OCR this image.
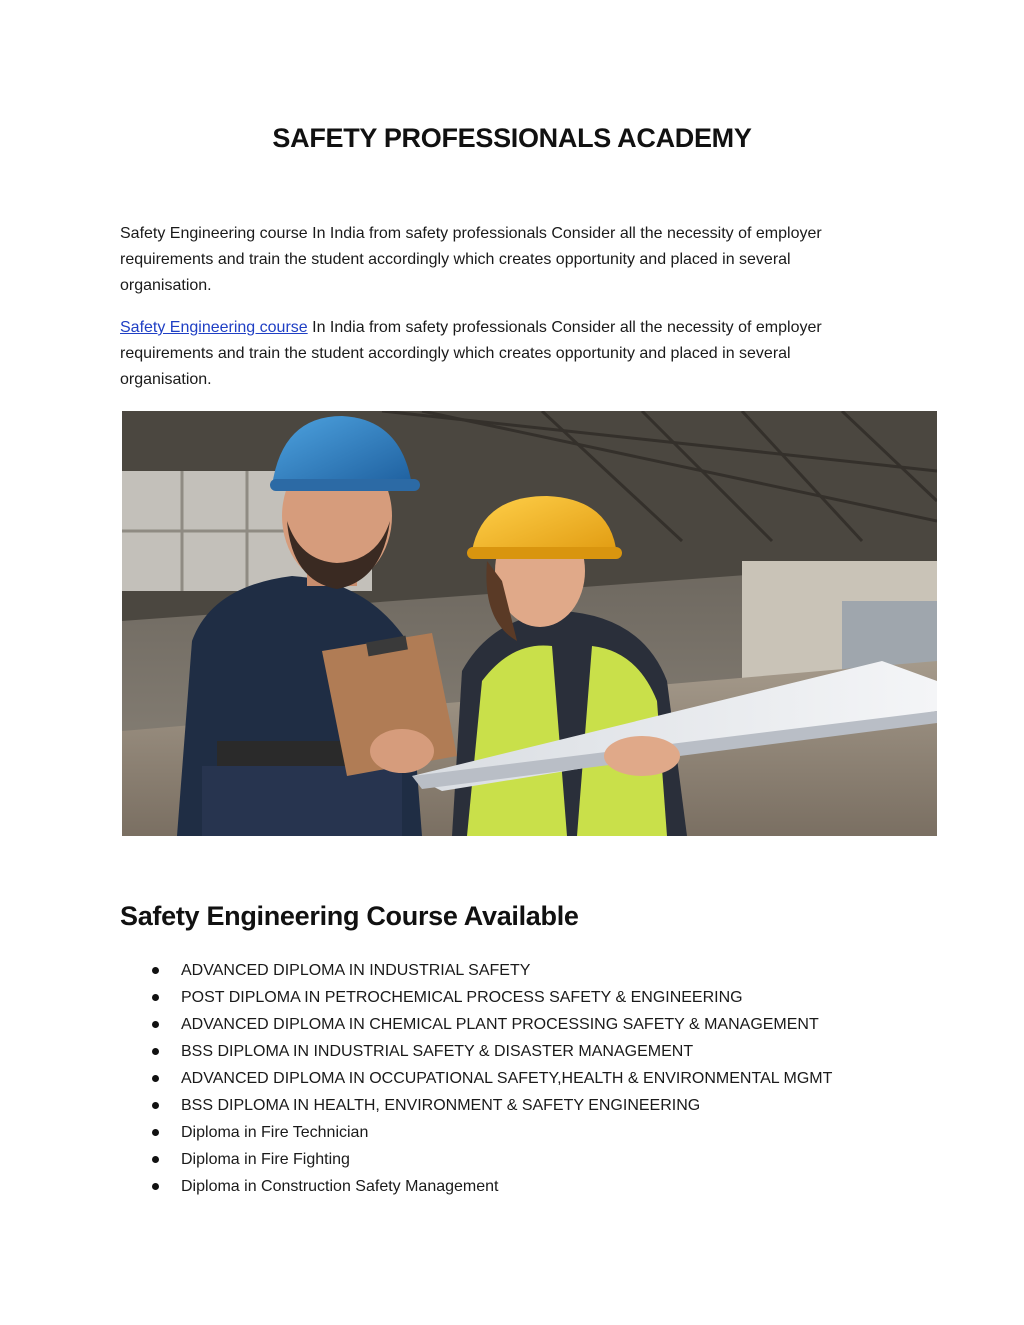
SAFETY PROFESSIONALS ACADEMY

Safety Engineering course In India from safety professionals Consider all the necessity of employer requirements and train the student accordingly which creates opportunity and placed in several organisation.

Safety Engineering course In India from safety professionals Consider all the necessity of employer requirements and train the student accordingly which creates opportunity and placed in several organisation.

Safety Engineering Course Available
ADVANCED DIPLOMA IN INDUSTRIAL SAFETY
POST DIPLOMA IN PETROCHEMICAL PROCESS SAFETY & ENGINEERING
ADVANCED DIPLOMA IN CHEMICAL PLANT PROCESSING SAFETY & MANAGEMENT
BSS DIPLOMA IN INDUSTRIAL SAFETY & DISASTER MANAGEMENT
ADVANCED DIPLOMA IN OCCUPATIONAL SAFETY,HEALTH & ENVIRONMENTAL MGMT
BSS DIPLOMA IN HEALTH, ENVIRONMENT & SAFETY ENGINEERING
Diploma in Fire Technician
Diploma in Fire Fighting
Diploma in Construction Safety Management
